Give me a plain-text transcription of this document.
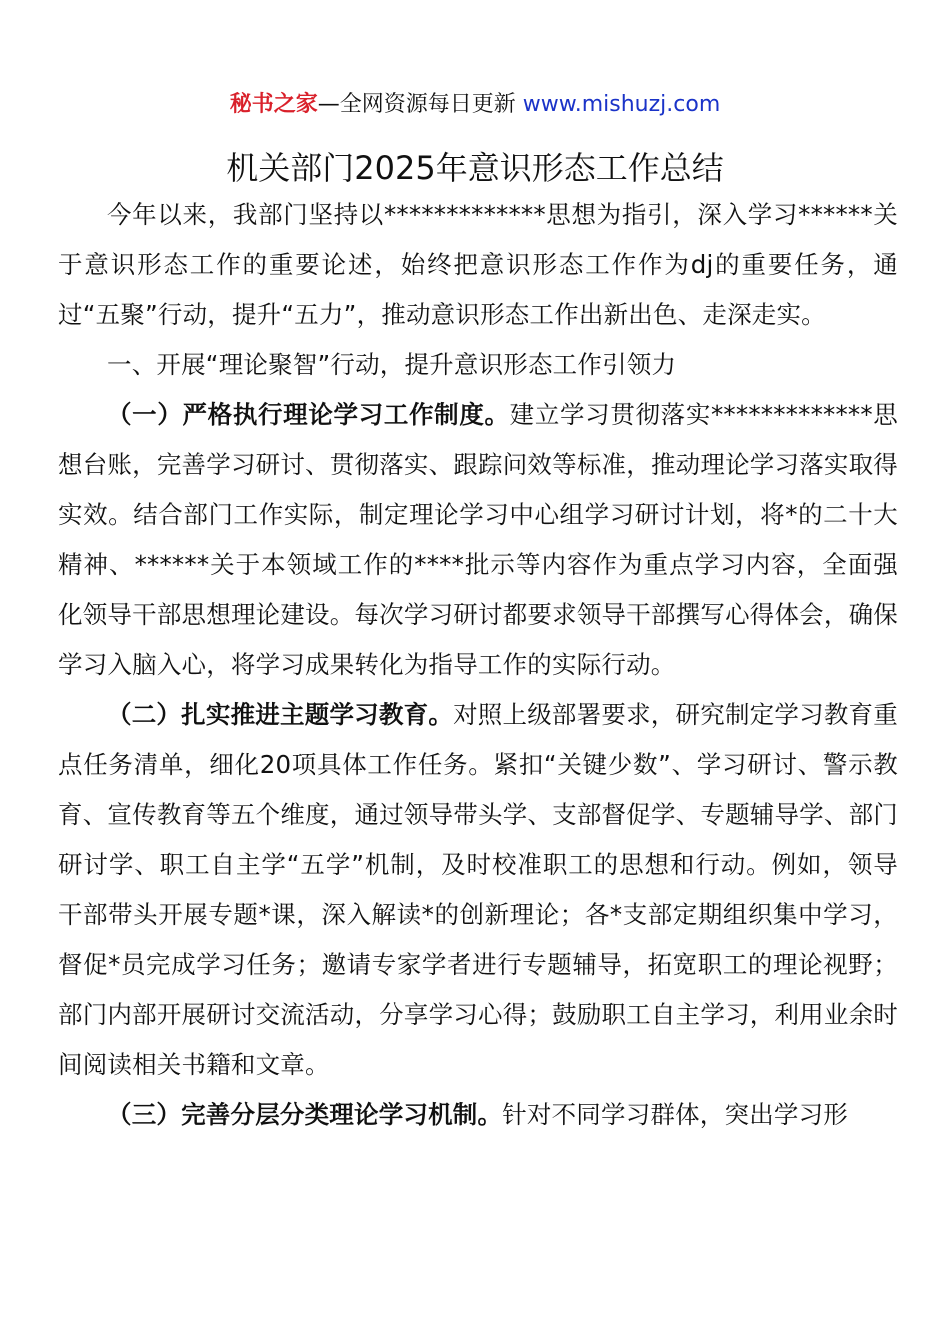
秘书之家—全网资源每日更新 www.mishuzj.com
机关部门2025年意识形态工作总结

今年以来，我部门坚持以*************思想为指引，深入学习******关于意识形态工作的重要论述，始终把意识形态工作作为dj的重要任务，通过“五聚”行动，提升“五力”，推动意识形态工作出新出色、走深走实。

一、开展“理论聚智”行动，提升意识形态工作引领力

（一）严格执行理论学习工作制度。建立学习贯彻落实*************思想台账，完善学习研讨、贯彻落实、跟踪问效等标准，推动理论学习落实取得实效。结合部门工作实际，制定理论学习中心组学习研讨计划，将*的二十大精神、******关于本领域工作的****批示等内容作为重点学习内容，全面强化领导干部思想理论建设。每次学习研讨都要求领导干部撰写心得体会，确保学习入脑入心，将学习成果转化为指导工作的实际行动。

（二）扎实推进主题学习教育。对照上级部署要求，研究制定学习教育重点任务清单，细化20项具体工作任务。紧扣“关键少数”、学习研讨、警示教育、宣传教育等五个维度，通过领导带头学、支部督促学、专题辅导学、部门研讨学、职工自主学“五学”机制，及时校准职工的思想和行动。例如，领导干部带头开展专题*课，深入解读*的创新理论；各*支部定期组织集中学习，督促*员完成学习任务；邀请专家学者进行专题辅导，拓宽职工的理论视野；部门内部开展研讨交流活动，分享学习心得；鼓励职工自主学习，利用业余时间阅读相关书籍和文章。

（三）完善分层分类理论学习机制。针对不同学习群体，突出学习形
